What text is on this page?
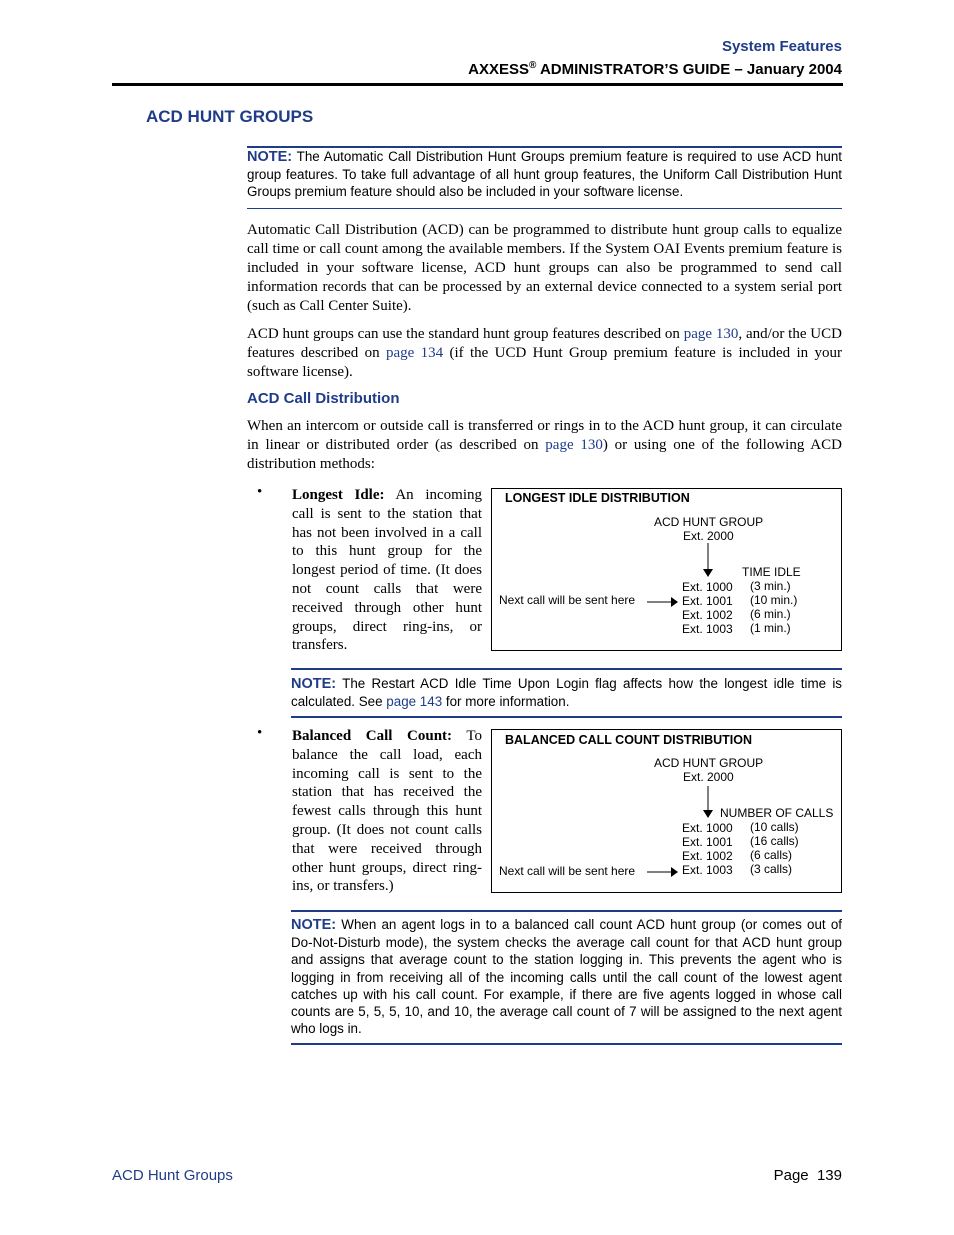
System Features
AXXESS® ADMINISTRATOR’S GUIDE – January 2004
ACD HUNT GROUPS
NOTE: The Automatic Call Distribution Hunt Groups premium feature is required to use ACD hunt group features. To take full advantage of all hunt group features, the Uniform Call Distribution Hunt Groups premium feature should also be included in your software license.
Automatic Call Distribution (ACD) can be programmed to distribute hunt group calls to equalize call time or call count among the available members. If the System OAI Events premium feature is included in your software license, ACD hunt groups can also be programmed to send call information records that can be processed by an external device connected to a system serial port (such as Call Center Suite).
ACD hunt groups can use the standard hunt group features described on page 130, and/or the UCD features described on page 134 (if the UCD Hunt Group premium feature is included in your software license).
ACD Call Distribution
When an intercom or outside call is transferred or rings in to the ACD hunt group, it can circulate in linear or distributed order (as described on page 130) or using one of the following ACD distribution methods:
• Longest Idle: An incoming call is sent to the station that has not been involved in a call to this hunt group for the longest period of time. (It does not count calls that were received through other hunt groups, direct ring-ins, or transfers.
LONGEST IDLE DISTRIBUTION
ACD HUNT GROUP
Ext. 2000
TIME IDLE
Ext. 1000 (3 min.)
Ext. 1001 (10 min.)
Ext. 1002 (6 min.)
Ext. 1003 (1 min.)
Next call will be sent here
NOTE: The Restart ACD Idle Time Upon Login flag affects how the longest idle time is calculated. See page 143 for more information.
• Balanced Call Count: To balance the call load, each incoming call is sent to the station that has received the fewest calls through this hunt group. (It does not count calls that were received through other hunt groups, direct ring-ins, or transfers.)
BALANCED CALL COUNT DISTRIBUTION
ACD HUNT GROUP
Ext. 2000
NUMBER OF CALLS
Ext. 1000 (10 calls)
Ext. 1001 (16 calls)
Ext. 1002 (6 calls)
Ext. 1003 (3 calls)
Next call will be sent here
NOTE: When an agent logs in to a balanced call count ACD hunt group (or comes out of Do-Not-Disturb mode), the system checks the average call count for that ACD hunt group and assigns that average count to the station logging in. This prevents the agent who is logging in from receiving all of the incoming calls until the call count of the lowest agent catches up with his call count. For example, if there are five agents logged in whose call counts are 5, 5, 5, 10, and 10, the average call count of 7 will be assigned to the next agent who logs in.
ACD Hunt Groups	Page  139
